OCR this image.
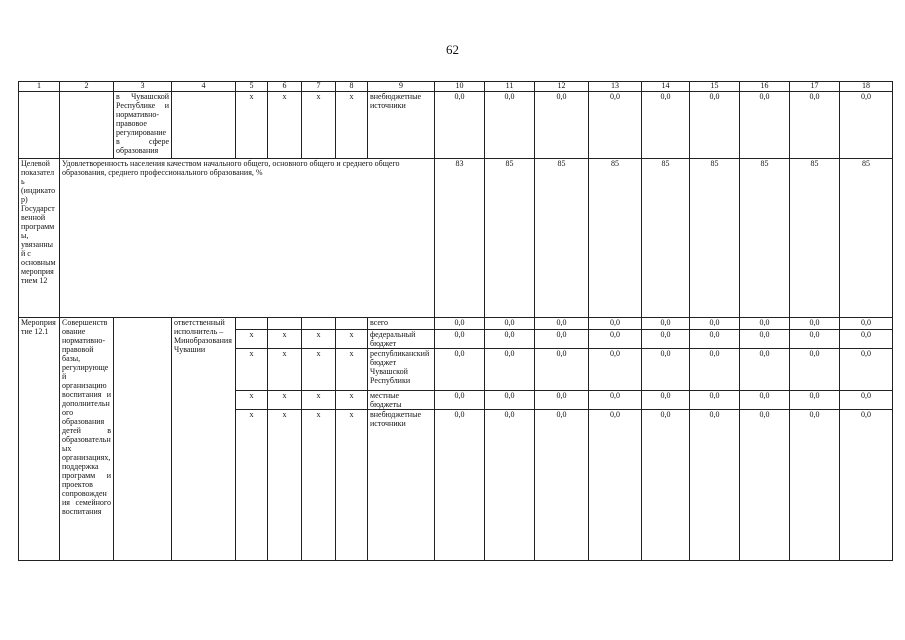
62
1	2	3	4	5	6	7	8	9	10	11	12	13	14	15	16	17	18
		в Чувашской Республике и нормативно-правовое регулирование в сфере образования		х	х	х	х	внебюджетные источники	0,0	0,0	0,0	0,0	0,0	0,0	0,0	0,0	0,0
Целевой показатель (индикатор) Государственной программы, увязанный с основным мероприятием 12	Удовлетворенность населения качеством начального общего, основного общего и среднего общего образования, среднего профессионального образования, %								83	85	85	85	85	85	85	85	85
Мероприятие 12.1	Совершенствование нормативно-правовой базы, регулирующей организацию воспитания и дополнительного образования детей в образовательных организациях, поддержка программ и проектов сопровождения семейного воспитания		ответственный исполнитель – Минобразования Чувашии					всего	0,0	0,0	0,0	0,0	0,0	0,0	0,0	0,0	0,0
				х	х	х	х	федеральный бюджет	0,0	0,0	0,0	0,0	0,0	0,0	0,0	0,0	0,0
				х	х	х	х	республиканский бюджет Чувашской Республики	0,0	0,0	0,0	0,0	0,0	0,0	0,0	0,0	0,0
				х	х	х	х	местные бюджеты	0,0	0,0	0,0	0,0	0,0	0,0	0,0	0,0	0,0
				х	х	х	х	внебюджетные источники	0,0	0,0	0,0	0,0	0,0	0,0	0,0	0,0	0,0
